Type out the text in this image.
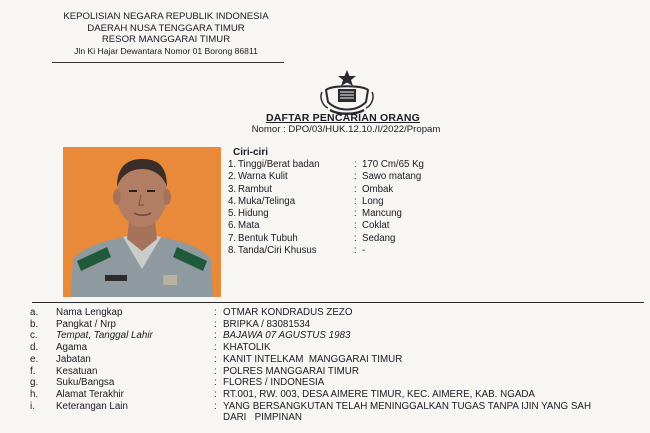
KEPOLISIAN NEGARA REPUBLIK INDONESIA
DAERAH NUSA TENGGARA TIMUR
RESOR MANGGARAI TIMUR
Jln Ki Hajar Dewantara Nomor 01 Borong 86811
DAFTAR PENCARIAN ORANG
Nomor : DPO/03/HUK.12.10./I/2022/Propam
Ciri-ciri
1. Tinggi/Berat badan	: 170 Cm/65 Kg
2. Warna Kulit	: Sawo matang
3. Rambut	: Ombak
4. Muka/Telinga	: Long
5. Hidung	: Mancung
6. Mata	: Coklat
7. Bentuk Tubuh	: Sedang
8. Tanda/Ciri Khusus	: -
a.	Nama Lengkap	: OTMAR KONDRADUS ZEZO
b.	Pangkat / Nrp	: BRIPKA / 83081534
c.	Tempat, Tanggal Lahir	: BAJAWA 07 AGUSTUS 1983
d.	Agama	: KHATOLIK
e.	Jabatan	: KANIT INTELKAM  MANGGARAI TIMUR
f.	Kesatuan	: POLRES MANGGARAI TIMUR
g.	Suku/Bangsa	: FLORES / INDONESIA
h.	Alamat Terakhir	: RT.001, RW. 003, DESA AIMERE TIMUR, KEC. AIMERE, KAB. NGADA
i.	Keterangan Lain	: YANG BERSANGKUTAN TELAH MENINGGALKAN TUGAS TANPA IJIN YANG SAH
DARI   PIMPINAN
